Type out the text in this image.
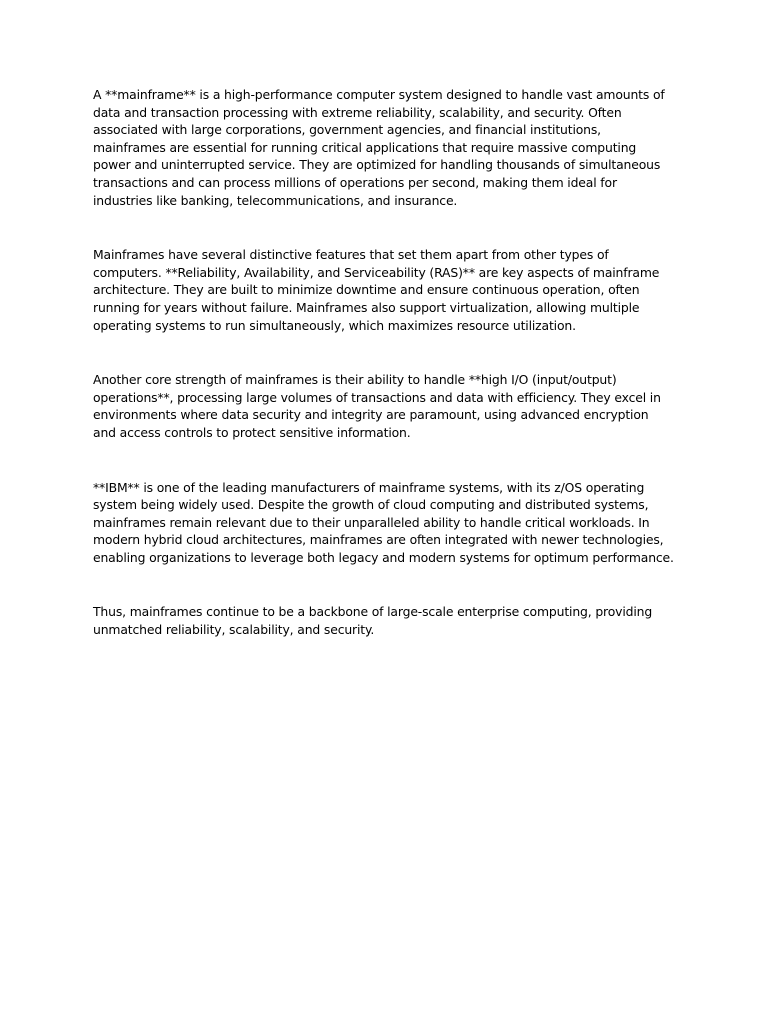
A **mainframe** is a high-performance computer system designed to handle vast amounts of data and transaction processing with extreme reliability, scalability, and security. Often associated with large corporations, government agencies, and financial institutions, mainframes are essential for running critical applications that require massive computing power and uninterrupted service. They are optimized for handling thousands of simultaneous transactions and can process millions of operations per second, making them ideal for industries like banking, telecommunications, and insurance.

Mainframes have several distinctive features that set them apart from other types of computers. **Reliability, Availability, and Serviceability (RAS)** are key aspects of mainframe architecture. They are built to minimize downtime and ensure continuous operation, often running for years without failure. Mainframes also support virtualization, allowing multiple operating systems to run simultaneously, which maximizes resource utilization.

Another core strength of mainframes is their ability to handle **high I/O (input/output) operations**, processing large volumes of transactions and data with efficiency. They excel in environments where data security and integrity are paramount, using advanced encryption and access controls to protect sensitive information.

**IBM** is one of the leading manufacturers of mainframe systems, with its z/OS operating system being widely used. Despite the growth of cloud computing and distributed systems, mainframes remain relevant due to their unparalleled ability to handle critical workloads. In modern hybrid cloud architectures, mainframes are often integrated with newer technologies, enabling organizations to leverage both legacy and modern systems for optimum performance.

Thus, mainframes continue to be a backbone of large-scale enterprise computing, providing unmatched reliability, scalability, and security.
